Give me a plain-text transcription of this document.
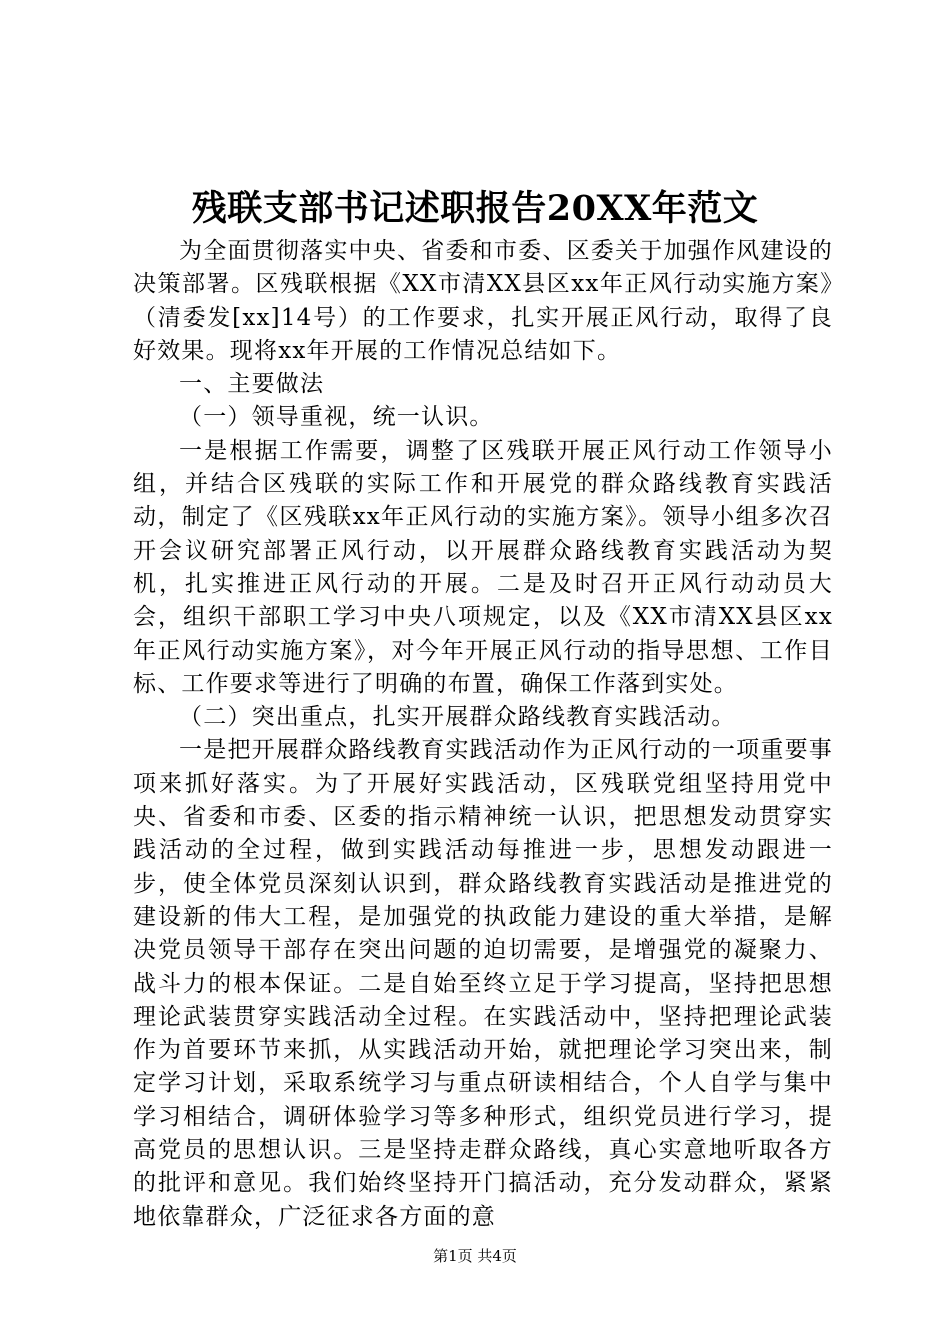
残联支部书记述职报告20XX年范文

为全面贯彻落实中央、省委和市委、区委关于加强作风建设的决策部署。区残联根据《XX市清XX县区xx年正风行动实施方案》（清委发[xx]14号）的工作要求，扎实开展正风行动，取得了良好效果。现将xx年开展的工作情况总结如下。

一、主要做法

（一）领导重视，统一认识。

一是根据工作需要，调整了区残联开展正风行动工作领导小组，并结合区残联的实际工作和开展党的群众路线教育实践活动，制定了《区残联xx年正风行动的实施方案》。领导小组多次召开会议研究部署正风行动，以开展群众路线教育实践活动为契机，扎实推进正风行动的开展。二是及时召开正风行动动员大会，组织干部职工学习中央八项规定，以及《XX市清XX县区xx年正风行动实施方案》，对今年开展正风行动的指导思想、工作目标、工作要求等进行了明确的布置，确保工作落到实处。

（二）突出重点，扎实开展群众路线教育实践活动。

一是把开展群众路线教育实践活动作为正风行动的一项重要事项来抓好落实。为了开展好实践活动，区残联党组坚持用党中央、省委和市委、区委的指示精神统一认识，把思想发动贯穿实践活动的全过程，做到实践活动每推进一步，思想发动跟进一步，使全体党员深刻认识到，群众路线教育实践活动是推进党的建设新的伟大工程，是加强党的执政能力建设的重大举措，是解决党员领导干部存在突出问题的迫切需要，是增强党的凝聚力、战斗力的根本保证。二是自始至终立足于学习提高，坚持把思想理论武装贯穿实践活动全过程。在实践活动中，坚持把理论武装作为首要环节来抓，从实践活动开始，就把理论学习突出来，制定学习计划，采取系统学习与重点研读相结合，个人自学与集中学习相结合，调研体验学习等多种形式，组织党员进行学习，提高党员的思想认识。三是坚持走群众路线，真心实意地听取各方的批评和意见。我们始终坚持开门搞活动，充分发动群众，紧紧地依靠群众，广泛征求各方面的意

第1页 共4页
